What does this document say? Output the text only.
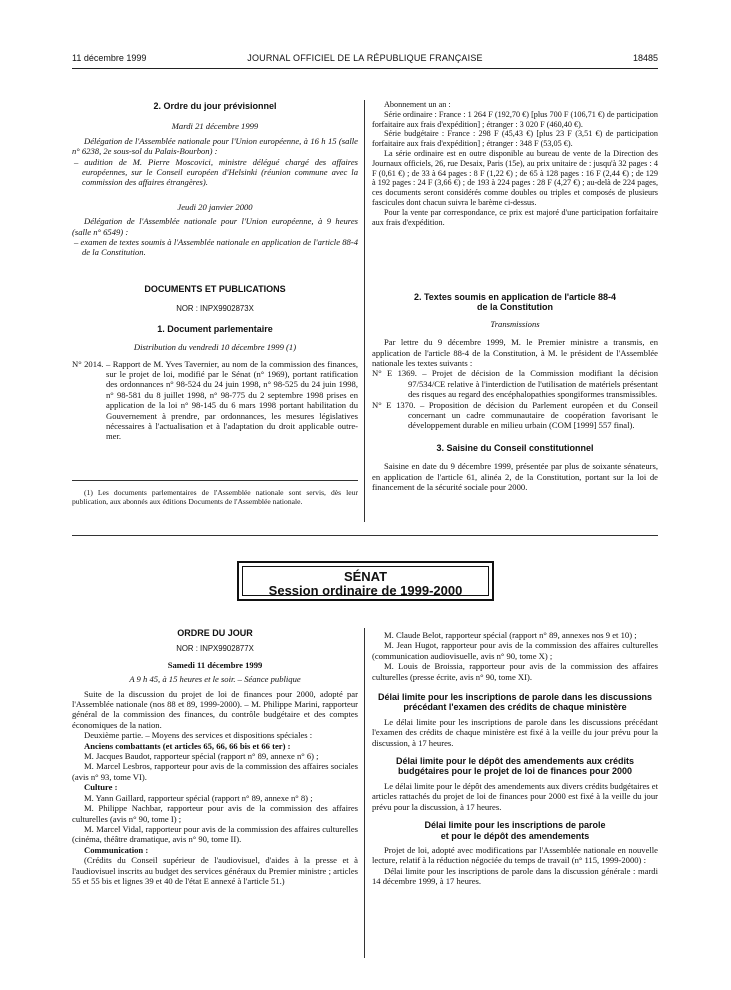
11 décembre 1999	JOURNAL OFFICIEL DE LA RÉPUBLIQUE FRANÇAISE	18485

2. Ordre du jour prévisionnel

Mardi 21 décembre 1999

Délégation de l'Assemblée nationale pour l'Union européenne, à 16 h 15 (salle n° 6238, 2e sous-sol du Palais-Bourbon) :

– audition de M. Pierre Moscovici, ministre délégué chargé des affaires européennes, sur le Conseil européen d'Helsinki (réunion commune avec la commission des affaires étrangères).

Jeudi 20 janvier 2000

Délégation de l'Assemblée nationale pour l'Union européenne, à 9 heures (salle n° 6549) :

– examen de textes soumis à l'Assemblée nationale en application de l'article 88-4 de la Constitution.

DOCUMENTS ET PUBLICATIONS

NOR : INPX9902873X

1. Document parlementaire

Distribution du vendredi 10 décembre 1999 (1)

N° 2014. – Rapport de M. Yves Tavernier, au nom de la commission des finances, sur le projet de loi, modifié par le Sénat (n° 1969), portant ratification des ordonnances n° 98-524 du 24 juin 1998, n° 98-525 du 24 juin 1998, n° 98-581 du 8 juillet 1998, n° 98-775 du 2 septembre 1998 prises en application de la loi n° 98-145 du 6 mars 1998 portant habilitation du Gouvernement à prendre, par ordonnances, les mesures législatives nécessaires à l'actualisation et à l'adaptation du droit applicable outre-mer.

(1) Les documents parlementaires de l'Assemblée nationale sont servis, dès leur publication, aux abonnés aux éditions Documents de l'Assemblée nationale.

Abonnement un an :

Série ordinaire : France : 1 264 F (192,70 €) [plus 700 F (106,71 €) de participation forfaitaire aux frais d'expédition] ; étranger : 3 020 F (460,40 €).

Série budgétaire : France : 298 F (45,43 €) [plus 23 F (3,51 €) de participation forfaitaire aux frais d'expédition] ; étranger : 348 F (53,05 €).

La série ordinaire est en outre disponible au bureau de vente de la Direction des Journaux officiels, 26, rue Desaix, Paris (15e), au prix unitaire de : jusqu'à 32 pages : 4 F (0,61 €) ; de 33 à 64 pages : 8 F (1,22 €) ; de 65 à 128 pages : 16 F (2,44 €) ; de 129 à 192 pages : 24 F (3,66 €) ; de 193 à 224 pages : 28 F (4,27 €) ; au-delà de 224 pages, ces documents seront considérés comme doubles ou triples et composés de plusieurs fascicules dont chacun suivra le barème ci-dessus.

Pour la vente par correspondance, ce prix est majoré d'une participation forfaitaire aux frais d'expédition.

2. Textes soumis en application de l'article 88-4

de la Constitution

Transmissions

Par lettre du 9 décembre 1999, M. le Premier ministre a transmis, en application de l'article 88-4 de la Constitution, à M. le président de l'Assemblée nationale les textes suivants :

N° E 1369. – Projet de décision de la Commission modifiant la décision 97/534/CE relative à l'interdiction de l'utilisation de matériels présentant des risques au regard des encéphalopathies spongiformes transmissibles.

N° E 1370. – Proposition de décision du Parlement européen et du Conseil concernant un cadre communautaire de coopération favorisant le développement durable en milieu urbain (COM [1999] 557 final).

3. Saisine du Conseil constitutionnel

Saisine en date du 9 décembre 1999, présentée par plus de soixante sénateurs, en application de l'article 61, alinéa 2, de la Constitution, portant sur la loi de financement de la sécurité sociale pour 2000.

SÉNAT
Session ordinaire de 1999-2000

ORDRE DU JOUR

NOR : INPX9902877X

Samedi 11 décembre 1999

A 9 h 45, à 15 heures et le soir. – Séance publique

Suite de la discussion du projet de loi de finances pour 2000, adopté par l'Assemblée nationale (nos 88 et 89, 1999-2000). – M. Philippe Marini, rapporteur général de la commission des finances, du contrôle budgétaire et des comptes économiques de la nation.

Deuxième partie. – Moyens des services et dispositions spéciales :

Anciens combattants (et articles 65, 66, 66 bis et 66 ter) :

M. Jacques Baudot, rapporteur spécial (rapport n° 89, annexe n° 6) ;

M. Marcel Lesbros, rapporteur pour avis de la commission des affaires sociales (avis n° 93, tome VI).

Culture :

M. Yann Gaillard, rapporteur spécial (rapport n° 89, annexe n° 8) ;

M. Philippe Nachbar, rapporteur pour avis de la commission des affaires culturelles (avis n° 90, tome I) ;

M. Marcel Vidal, rapporteur pour avis de la commission des affaires culturelles (cinéma, théâtre dramatique, avis n° 90, tome II).

Communication :

(Crédits du Conseil supérieur de l'audiovisuel, d'aides à la presse et à l'audiovisuel inscrits au budget des services généraux du Premier ministre ; articles 55 et 55 bis et lignes 39 et 40 de l'état E annexé à l'article 51.)

M. Claude Belot, rapporteur spécial (rapport n° 89, annexes nos 9 et 10) ;

M. Jean Hugot, rapporteur pour avis de la commission des affaires culturelles (communication audiovisuelle, avis n° 90, tome X) ;

M. Louis de Broissia, rapporteur pour avis de la commission des affaires culturelles (presse écrite, avis n° 90, tome XI).

Délai limite pour les inscriptions de parole dans les discussions précédant l'examen des crédits de chaque ministère

Le délai limite pour les inscriptions de parole dans les discussions précédant l'examen des crédits de chaque ministère est fixé à la veille du jour prévu pour la discussion, à 17 heures.

Délai limite pour le dépôt des amendements aux crédits budgétaires pour le projet de loi de finances pour 2000

Le délai limite pour le dépôt des amendements aux divers crédits budgétaires et articles rattachés du projet de loi de finances pour 2000 est fixé à la veille du jour prévu pour la discussion, à 17 heures.

Délai limite pour les inscriptions de parole

et pour le dépôt des amendements

Projet de loi, adopté avec modifications par l'Assemblée nationale en nouvelle lecture, relatif à la réduction négociée du temps de travail (n° 115, 1999-2000) :

Délai limite pour les inscriptions de parole dans la discussion générale : mardi 14 décembre 1999, à 17 heures.
